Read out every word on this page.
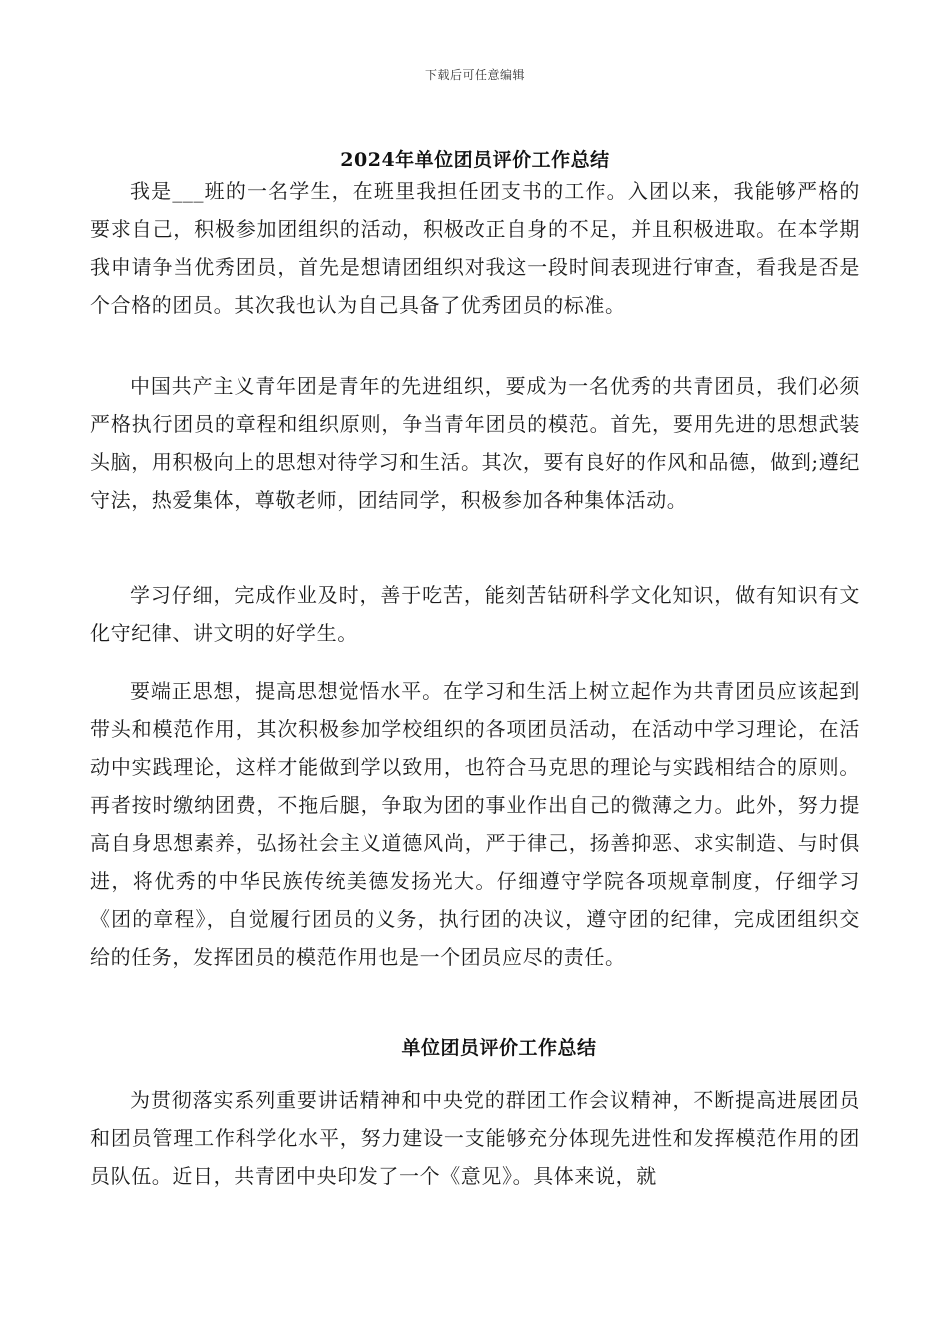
下载后可任意编辑
2024年单位团员评价工作总结

我是___班的一名学生，在班里我担任团支书的工作。入团以来，我能够严格的要求自己，积极参加团组织的活动，积极改正自身的不足，并且积极进取。在本学期我申请争当优秀团员，首先是想请团组织对我这一段时间表现进行审查，看我是否是个合格的团员。其次我也认为自己具备了优秀团员的标准。

中国共产主义青年团是青年的先进组织，要成为一名优秀的共青团员，我们必须严格执行团员的章程和组织原则，争当青年团员的模范。首先，要用先进的思想武装头脑，用积极向上的思想对待学习和生活。其次，要有良好的作风和品德，做到;遵纪守法，热爱集体，尊敬老师，团结同学，积极参加各种集体活动。

学习仔细，完成作业及时，善于吃苦，能刻苦钻研科学文化知识，做有知识有文化守纪律、讲文明的好学生。

要端正思想，提高思想觉悟水平。在学习和生活上树立起作为共青团员应该起到带头和模范作用，其次积极参加学校组织的各项团员活动，在活动中学习理论，在活动中实践理论，这样才能做到学以致用，也符合马克思的理论与实践相结合的原则。再者按时缴纳团费，不拖后腿，争取为团的事业作出自己的微薄之力。此外，努力提高自身思想素养，弘扬社会主义道德风尚，严于律己，扬善抑恶、求实制造、与时俱进，将优秀的中华民族传统美德发扬光大。仔细遵守学院各项规章制度，仔细学习《团的章程》，自觉履行团员的义务，执行团的决议，遵守团的纪律，完成团组织交给的任务，发挥团员的模范作用也是一个团员应尽的责任。

单位团员评价工作总结

为贯彻落实系列重要讲话精神和中央党的群团工作会议精神，不断提高进展团员和团员管理工作科学化水平，努力建设一支能够充分体现先进性和发挥模范作用的团员队伍。近日，共青团中央印发了一个《意见》。具体来说，就
